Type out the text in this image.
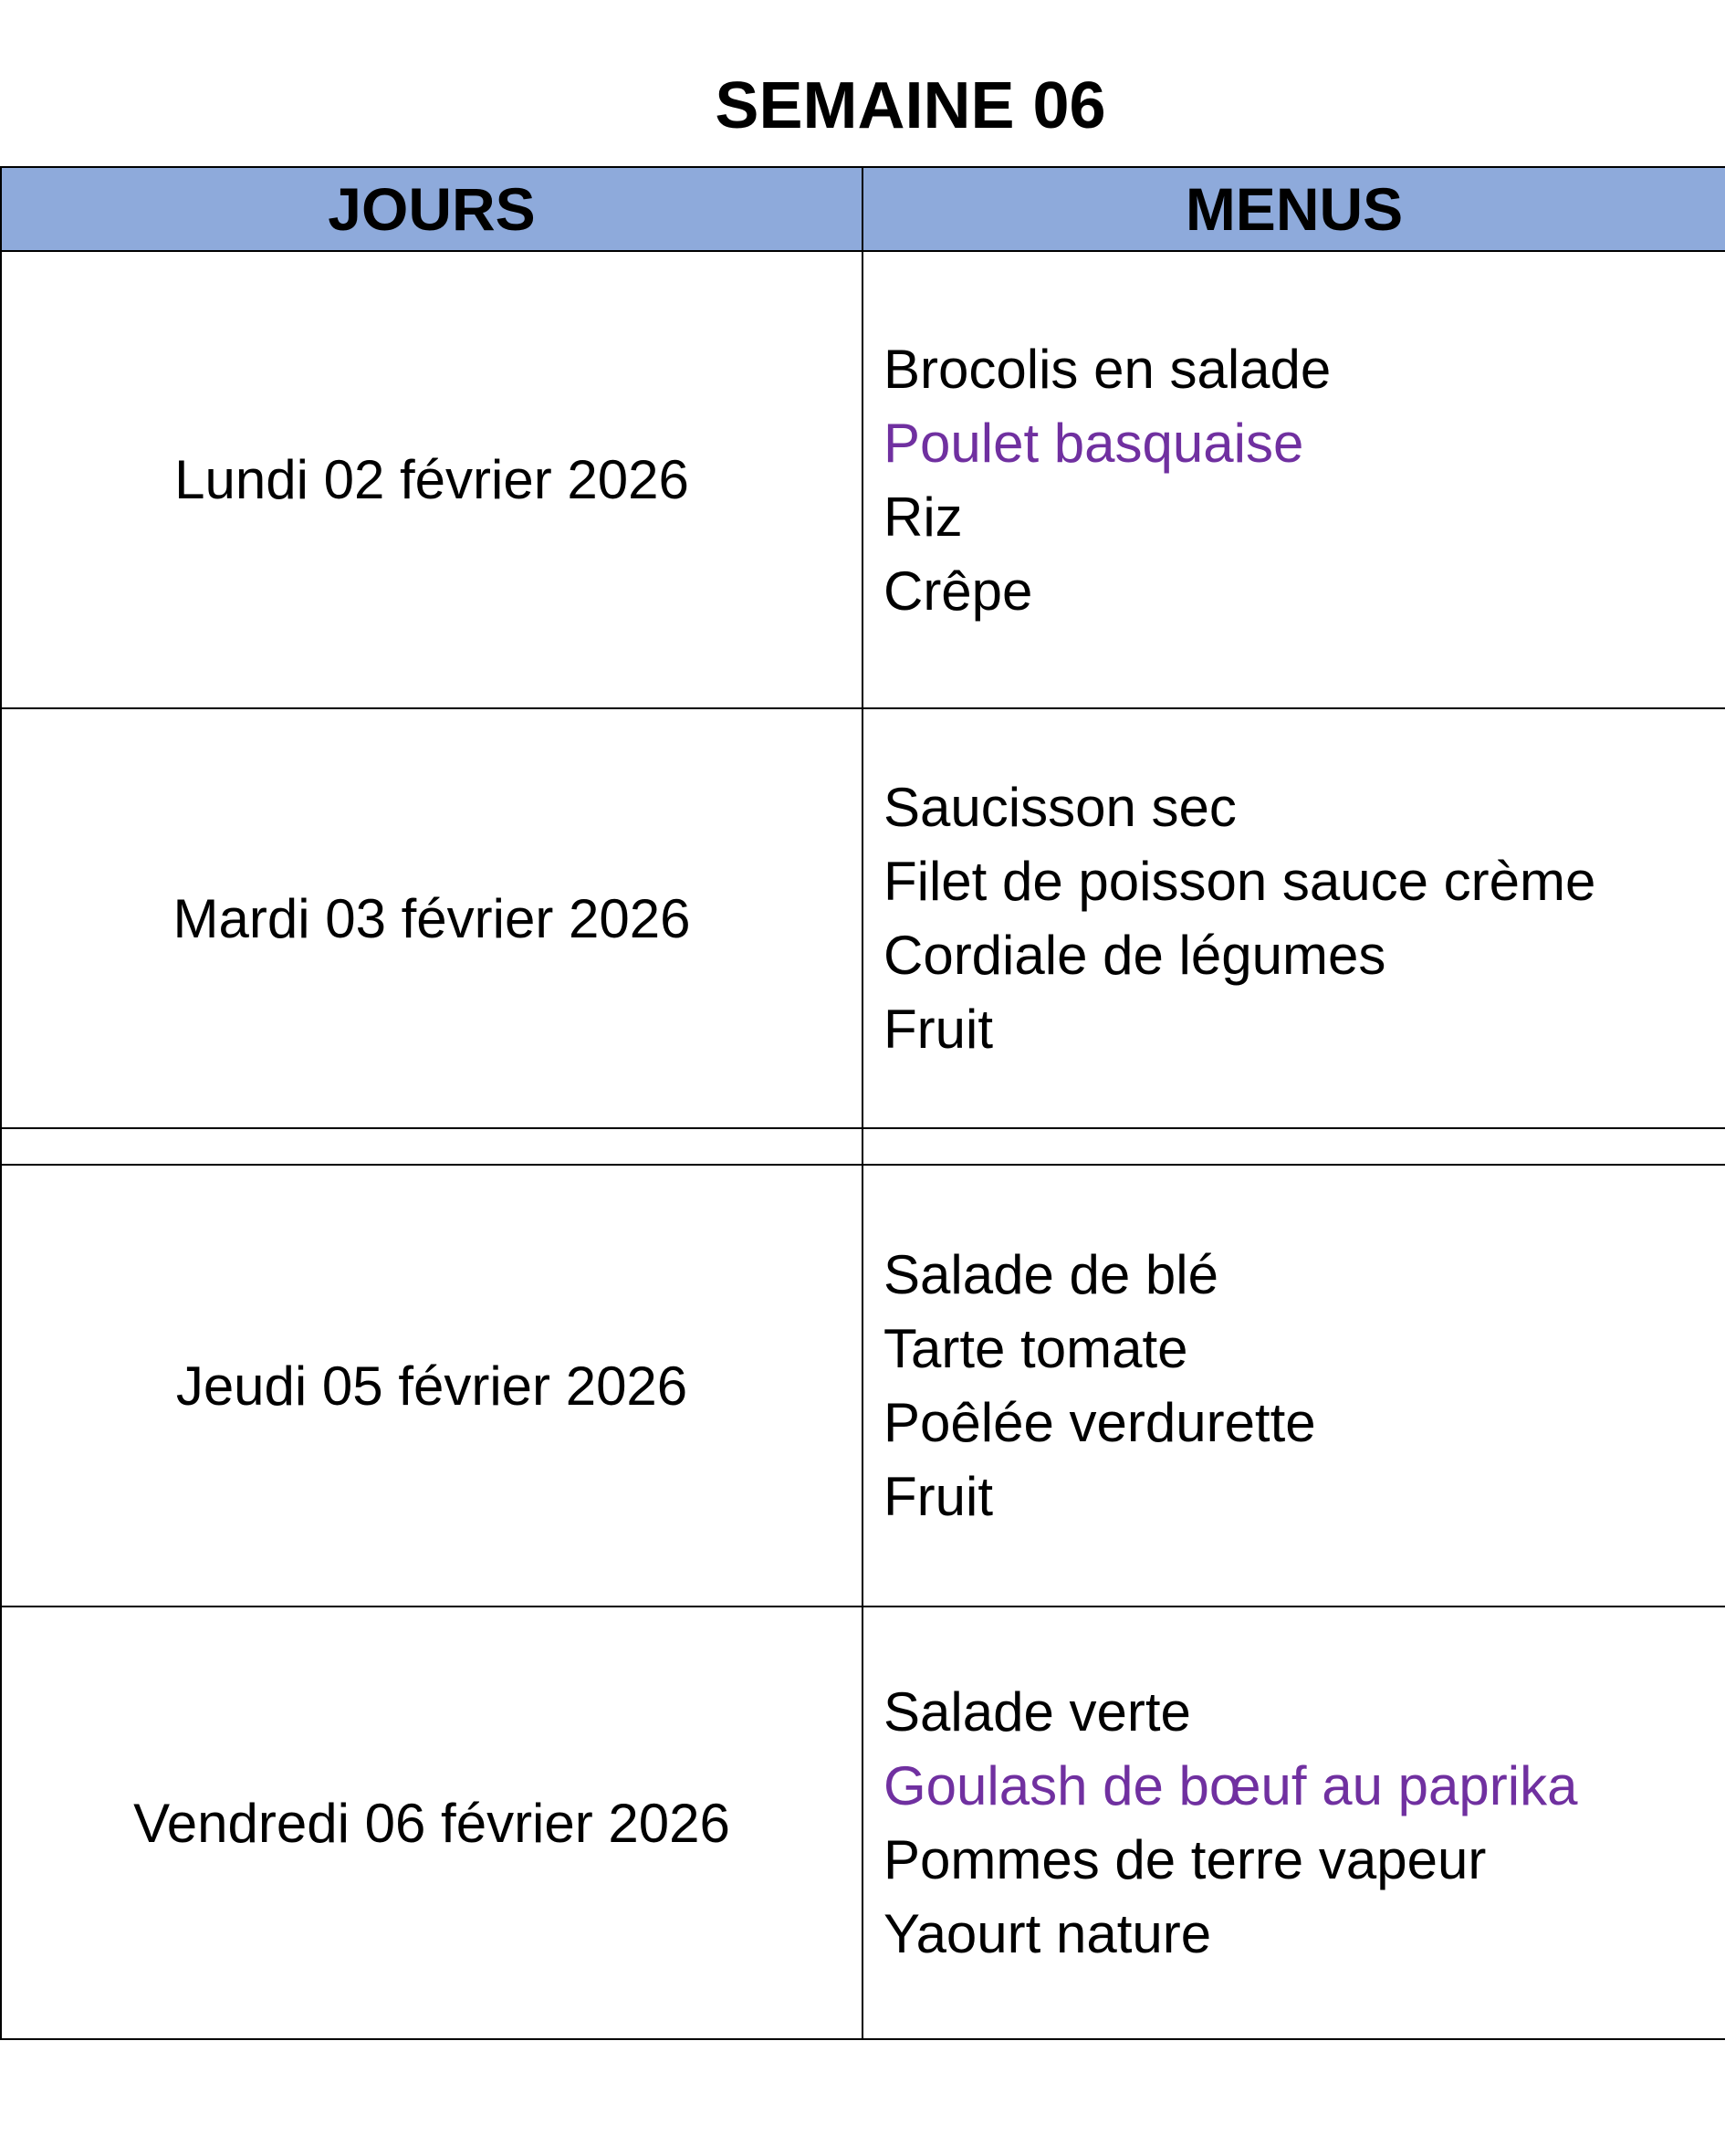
SEMAINE 06
JOURS	MENUS
Lundi 02 février 2026	Brocolis en salade
Poulet basquaise
Riz
Crêpe

Mardi 03 février 2026	Saucisson sec
Filet de poisson sauce crème
Cordiale de légumes
Fruit

Jeudi 05 février 2026	Salade de blé
Tarte tomate
Poêlée verdurette
Fruit

Vendredi 06 février 2026	Salade verte
Goulash de bœuf au paprika
Pommes de terre vapeur
Yaourt nature
